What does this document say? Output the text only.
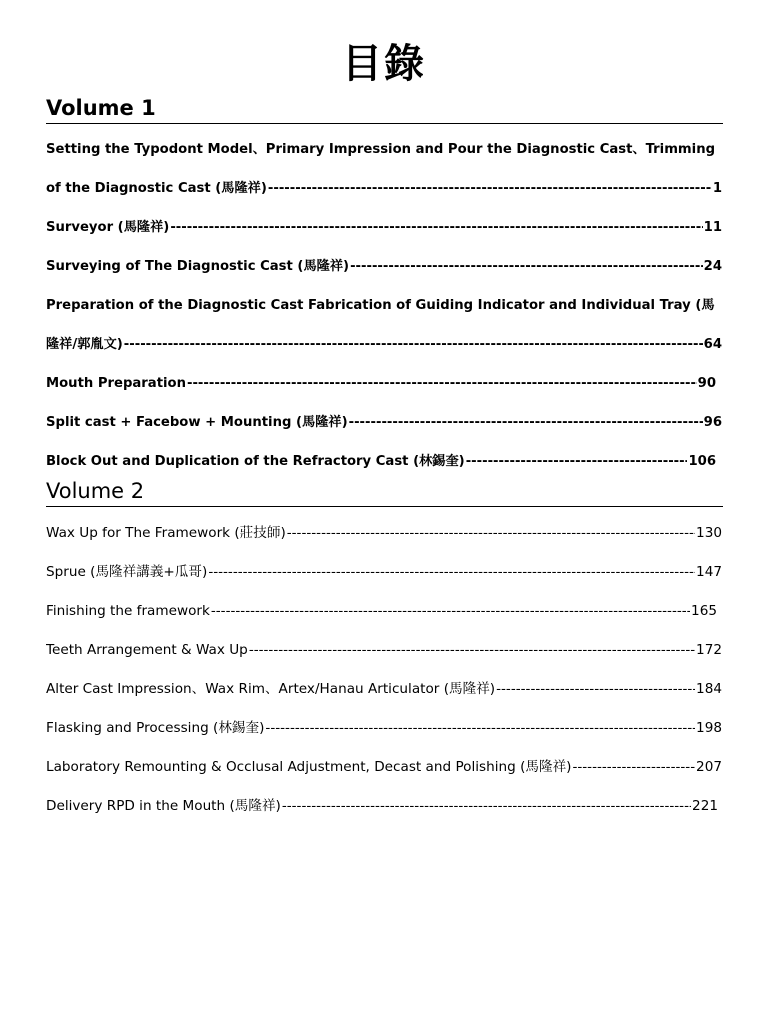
目錄
Volume 1
Setting the Typodont Model、Primary Impression and Pour the Diagnostic Cast、Trimming
of the Diagnostic Cast (馬隆祥) -----	1
Surveyor (馬隆祥) -----	11
Surveying of The Diagnostic Cast (馬隆祥) -----	24
Preparation of the Diagnostic Cast Fabrication of Guiding Indicator and Individual Tray (馬
隆祥/郭胤文) -----	64
Mouth Preparation -----	90
Split cast + Facebow + Mounting (馬隆祥) -----	96
Block Out and Duplication of the Refractory Cast (林錫奎) -----	106
Volume 2
Wax Up for The Framework (莊技師) -----	130
Sprue (馬隆祥講義+瓜哥) -----	147
Finishing the framework -----	165
Teeth Arrangement & Wax Up -----	172
Alter Cast Impression、Wax Rim、Artex/Hanau Articulator (馬隆祥) -----	184
Flasking and Processing (林錫奎) -----	198
Laboratory Remounting & Occlusal Adjustment, Decast and Polishing (馬隆祥) -----	207
Delivery RPD in the Mouth (馬隆祥) -----	221
